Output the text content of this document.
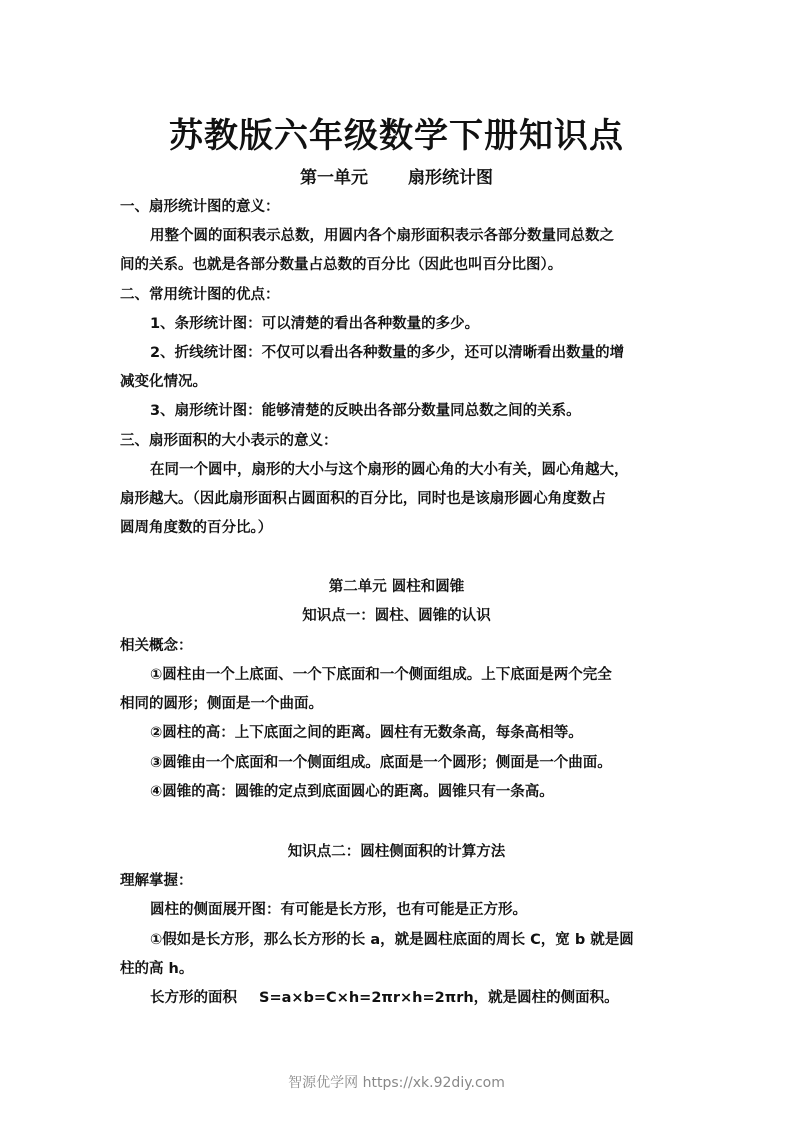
苏教版六年级数学下册知识点
第一单元 扇形统计图
一、扇形统计图的意义：
用整个圆的面积表示总数，用圆内各个扇形面积表示各部分数量同总数之
间的关系。也就是各部分数量占总数的百分比（因此也叫百分比图）。
二、常用统计图的优点：
1、条形统计图：可以清楚的看出各种数量的多少。
2、折线统计图：不仅可以看出各种数量的多少，还可以清晰看出数量的增
减变化情况。
3、扇形统计图：能够清楚的反映出各部分数量同总数之间的关系。
三、扇形面积的大小表示的意义：
在同一个圆中，扇形的大小与这个扇形的圆心角的大小有关，圆心角越大，
扇形越大。（因此扇形面积占圆面积的百分比，同时也是该扇形圆心角度数占
圆周角度数的百分比。）
第二单元 圆柱和圆锥
知识点一：圆柱、圆锥的认识
相关概念：
①圆柱由一个上底面、一个下底面和一个侧面组成。上下底面是两个完全
相同的圆形；侧面是一个曲面。
②圆柱的高：上下底面之间的距离。圆柱有无数条高，每条高相等。
③圆锥由一个底面和一个侧面组成。底面是一个圆形；侧面是一个曲面。
④圆锥的高：圆锥的定点到底面圆心的距离。圆锥只有一条高。
知识点二：圆柱侧面积的计算方法
理解掌握：
圆柱的侧面展开图：有可能是长方形，也有可能是正方形。
①假如是长方形，那么长方形的长 a，就是圆柱底面的周长 C，宽 b 就是圆
柱的高 h。
长方形的面积 S=a×b=C×h=2πr×h=2πrh，就是圆柱的侧面积。
智源优学网 https://xk.92diy.com
